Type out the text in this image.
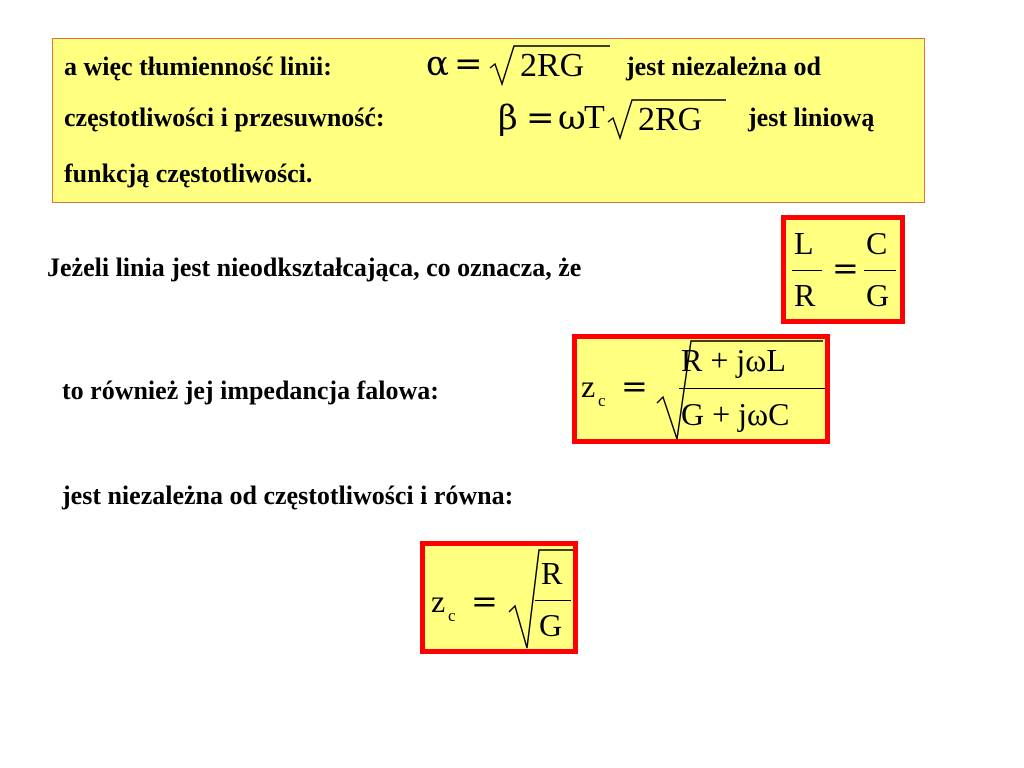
a więc tłumienność linii:	α = 2RG jest niezależna od
częstotliwości i przesuwność:	β = ω
T 2RG jest liniową
funkcją częstotliwości.
Jeżeli linia jest nieodkształcająca, co oznacza, że
L
R
=
C
G
to również jej impedancja falowa:	z c =
R + jωL
G + jωC
jest niezależna od częstotliwości i równa:
z c =
R
G
